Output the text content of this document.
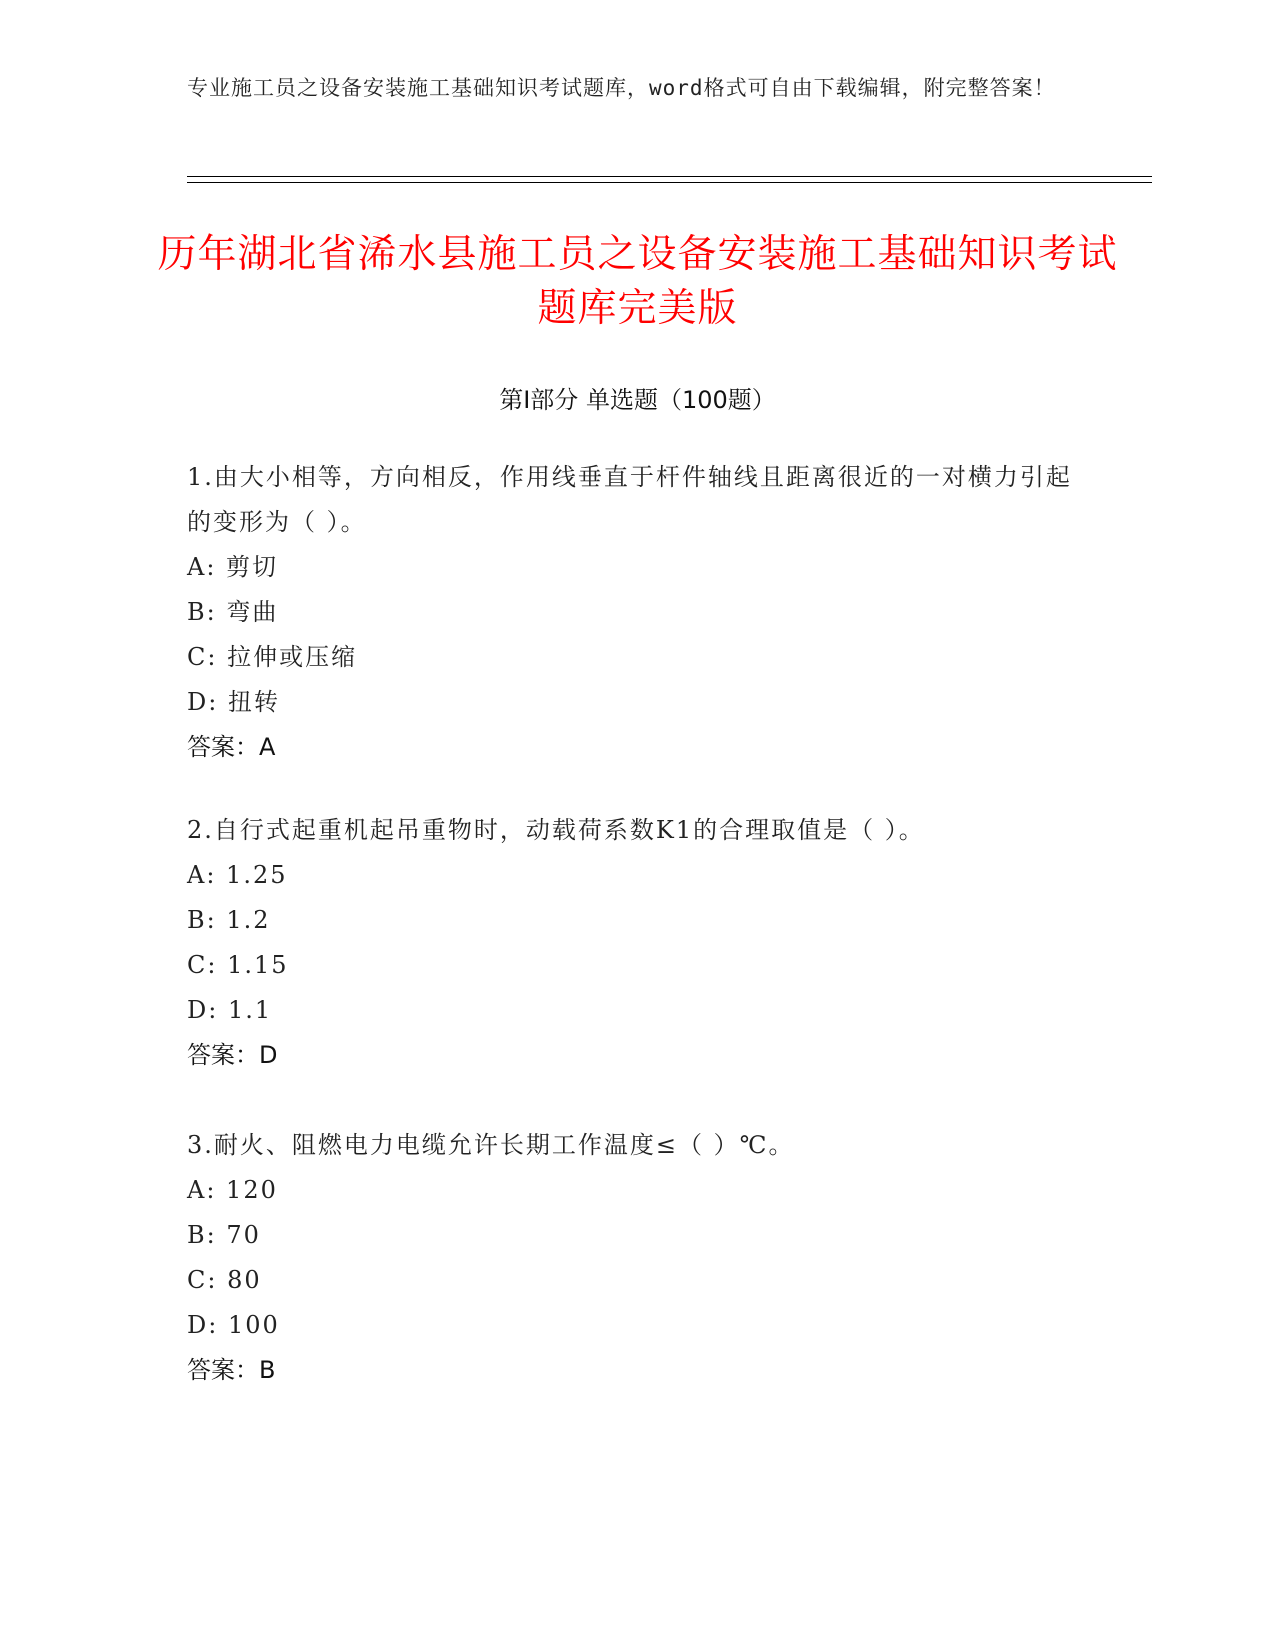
专业施工员之设备安装施工基础知识考试题库，word格式可自由下载编辑，附完整答案！
历年湖北省浠水县施工员之设备安装施工基础知识考试题库完美版
第Ⅰ部分 单选题（100题）
1.由大小相等，方向相反，作用线垂直于杆件轴线且距离很近的一对横力引起的变形为（ ）。
A: 剪切
B: 弯曲
C: 拉伸或压缩
D: 扭转
答案：A
2.自行式起重机起吊重物时，动载荷系数K1的合理取值是（ ）。
A: 1.25
B: 1.2
C: 1.15
D: 1.1
答案：D
3.耐火、阻燃电力电缆允许长期工作温度≤（ ）℃。
A: 120
B: 70
C: 80
D: 100
答案：B
